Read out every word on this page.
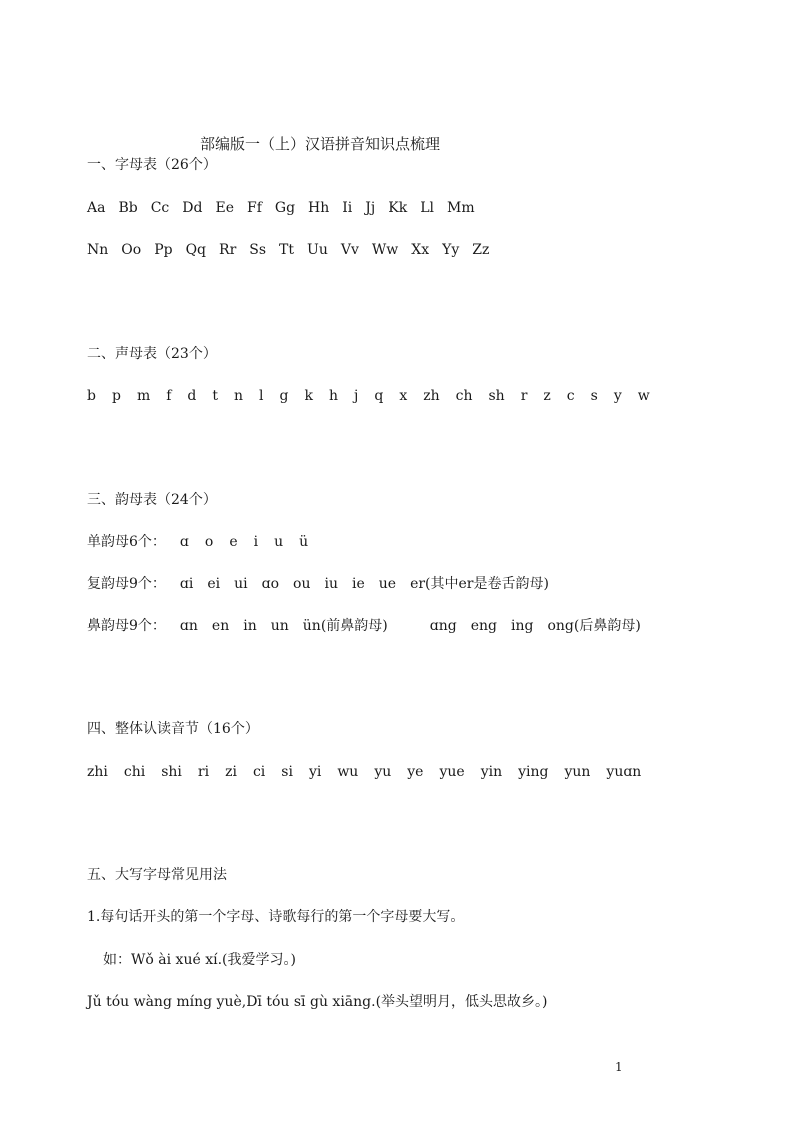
部编版一（上）汉语拼音知识点梳理
一、字母表（26个）
Aa Bb Cc Dd Ee Ff Gg Hh Ii Jj Kk Ll Mm
Nn Oo Pp Qq Rr Ss Tt Uu Vv Ww Xx Yy Zz
二、声母表（23个）
b p m f d t n l g k h j q x zh ch sh r z c s y w
三、韵母表（24个）
单韵母6个： ɑ o e i u ü
复韵母9个： ɑi ei ui ɑo ou iu ie ue er (其中er是卷舌韵母)
鼻韵母9个： ɑn en in un ün (前鼻韵母)	ɑng eng ing ong (后鼻韵母)
四、整体认读音节（16个）
zhi chi shi ri zi ci si yi wu yu ye yue yin ying yun yuɑn
五、大写字母常见用法
1.每句话开头的第一个字母、诗歌每行的第一个字母要大写。
如：Wǒ ài xué xí.(我爱学习。)
Jǔ tóu wàng míng yuè,Dī tóu sī gù xiāng.(举头望明月，低头思故乡。)
1
